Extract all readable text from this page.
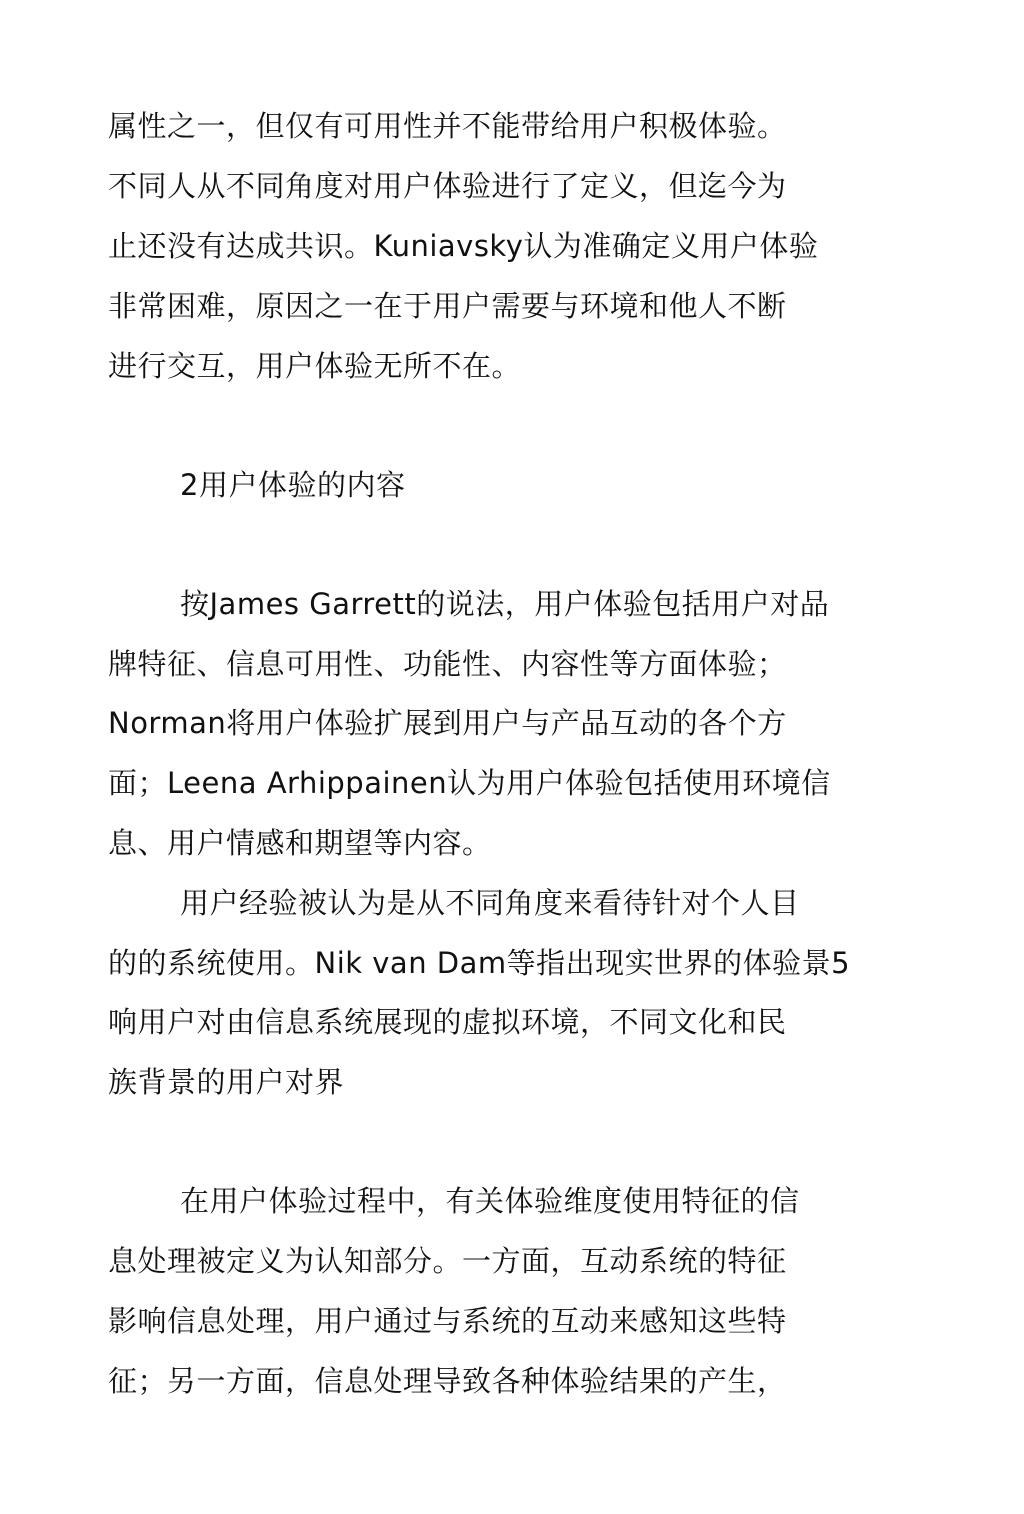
属性之一，但仅有可用性并不能带给用户积极体验。

不同人从不同角度对用户体验进行了定义，但迄今为

止还没有达成共识。Kuniavsky认为准确定义用户体验

非常困难，原因之一在于用户需要与环境和他人不断

进行交互，用户体验无所不在。

2用户体验的内容

按James Garrett的说法，用户体验包括用户对品

牌特征、信息可用性、功能性、内容性等方面体验；

Norman将用户体验扩展到用户与产品互动的各个方

面；Leena Arhippainen认为用户体验包括使用环境信

息、用户情感和期望等内容。

用户经验被认为是从不同角度来看待针对个人目

的的系统使用。Nik van Dam等指出现实世界的体验景5

响用户对由信息系统展现的虚拟环境，不同文化和民

族背景的用户对界

在用户体验过程中，有关体验维度使用特征的信

息处理被定义为认知部分。一方面，互动系统的特征

影响信息处理，用户通过与系统的互动来感知这些特

征；另一方面，信息处理导致各种体验结果的产生，
